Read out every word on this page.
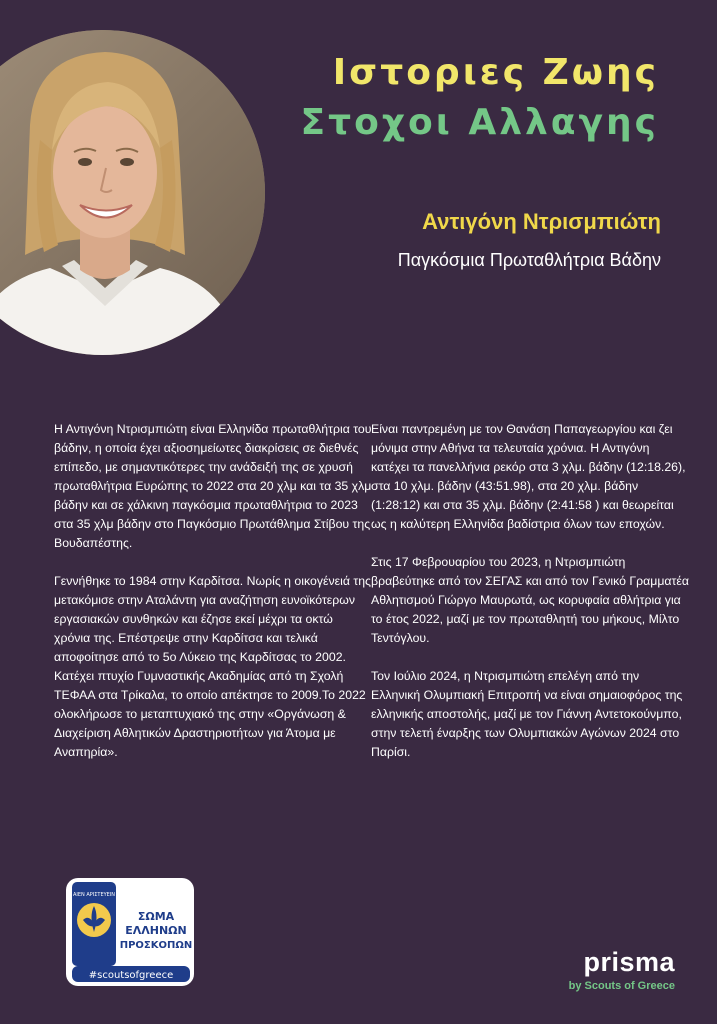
Ιστοριες Ζωης
Στοχοι Αλλαγης
Αντιγόνη Ντρισμπιώτη
Παγκόσμια Πρωταθλήτρια Βάδην

Η Αντιγόνη Ντρισμπιώτη είναι Ελληνίδα πρωταθλήτρια του βάδην, η οποία έχει αξιοσημείωτες διακρίσεις σε διεθνές επίπεδο, με σημαντικότερες την ανάδειξή της σε χρυσή πρωταθλήτρια Ευρώπης το 2022 στα 20 χλμ και τα 35 χλμ βάδην και σε χάλκινη παγκόσμια πρωταθλήτρια το 2023 στα 35 χλμ βάδην στο Παγκόσμιο Πρωτάθλημα Στίβου της Βουδαπέστης.

Γεννήθηκε το 1984 στην Καρδίτσα. Νωρίς η οικογένειά της μετακόμισε στην Αταλάντη για αναζήτηση ευνοϊκότερων εργασιακών συνθηκών και έζησε εκεί μέχρι τα οκτώ χρόνια της. Επέστρεψε στην Καρδίτσα και τελικά αποφοίτησε από το 5ο Λύκειο της Καρδίτσας το 2002. Κατέχει πτυχίο Γυμναστικής Ακαδημίας από τη Σχολή ΤΕΦΑΑ στα Τρίκαλα, το οποίο απέκτησε το 2009.Το 2022 ολοκλήρωσε το μεταπτυχιακό της στην «Οργάνωση & Διαχείριση Αθλητικών Δραστηριοτήτων για Άτομα με Αναπηρία».

Είναι παντρεμένη με τον Θανάση Παπαγεωργίου και ζει μόνιμα στην Αθήνα τα τελευταία χρόνια. Η Αντιγόνη κατέχει τα πανελλήνια ρεκόρ στα 3 χλμ. βάδην (12:18.26), στα 10 χλμ. βάδην (43:51.98), στα 20 χλμ. βάδην (1:28:12) και στα 35 χλμ. βάδην (2:41:58 ) και θεωρείται ως η καλύτερη Ελληνίδα βαδίστρια όλων των εποχών.

Στις 17 Φεβρουαρίου του 2023, η Ντρισμπιώτη βραβεύτηκε από τον ΣΕΓΑΣ και από τον Γενικό Γραμματέα Αθλητισμού Γιώργο Μαυρωτά, ως κορυφαία αθλήτρια για το έτος 2022, μαζί με τον πρωταθλητή του μήκους, Μίλτο Τεντόγλου.

Τον Ιούλιο 2024, η Ντρισμπιώτη επελέγη από την Ελληνική Ολυμπιακή Επιτροπή να είναι σημαιοφόρος της ελληνικής αποστολής, μαζί με τον Γιάννη Αντετοκούνμπο, στην τελετή έναρξης των Ολυμπιακών Αγώνων 2024 στο Παρίσι.

ΑΙΕΝ ΑΡΙΣΤΕΥΕΙΝ
ΣΩΜΑ
ΕΛΛΗΝΩΝ
ΠΡΟΣΚΟΠΩΝ
#scoutsofgreece	prisma
by Scouts of Greece
